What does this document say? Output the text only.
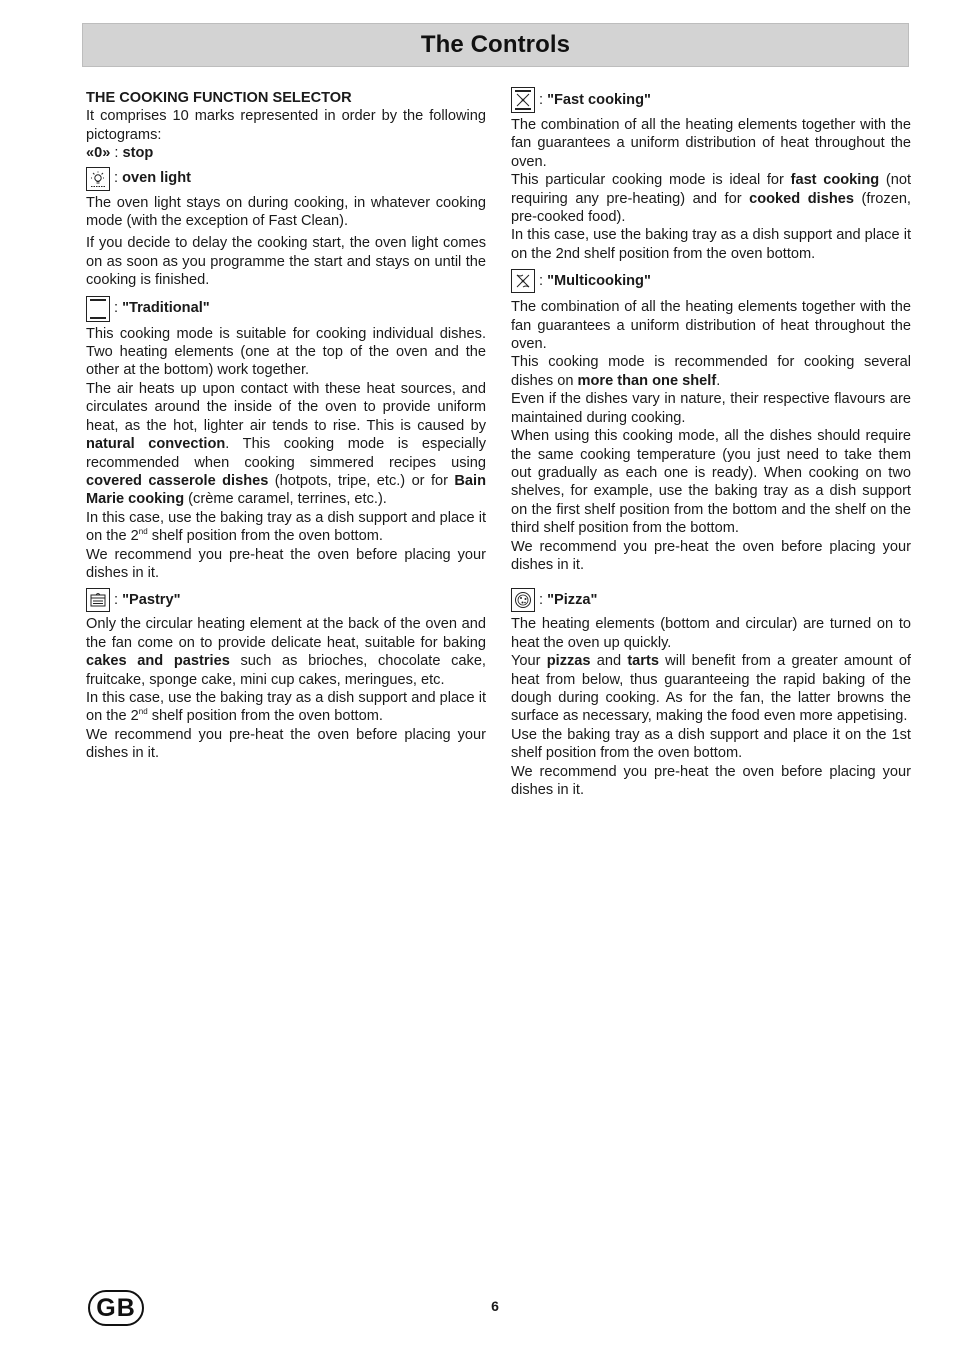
The Controls

THE COOKING FUNCTION SELECTOR

It comprises 10 marks represented in order by the following pictograms:

«0» : stop

: oven light

The oven light stays on during cooking, in whatever cooking mode (with the exception of Fast Clean).

If you decide to delay the cooking start, the oven light comes on as soon as you programme the start and stays on until the cooking is finished.

: "Traditional"

This cooking mode is suitable for cooking individual dishes. Two heating elements (one at the top of the oven and the other at the bottom) work together.

The air heats up upon contact with these heat sources, and circulates around the inside of the oven to provide uniform heat, as the hot, lighter air tends to rise. This is caused by natural convection. This cooking mode is especially recommended when cooking simmered recipes using covered casserole dishes (hotpots, tripe, etc.) or for Bain Marie cooking (crème caramel, terrines, etc.).

In this case, use the baking tray as a dish support and place it on the 2nd shelf position from the oven bottom.

We recommend you pre-heat the oven before placing your dishes in it.

: "Pastry"

Only the circular heating element at the back of the oven and the fan come on to provide delicate heat, suitable for baking cakes and pastries such as brioches, chocolate cake, fruitcake, sponge cake, mini cup cakes, meringues, etc.

In this case, use the baking tray as a dish support and place it on the 2nd shelf position from the oven bottom.

We recommend you pre-heat the oven before placing your dishes in it.

: "Fast cooking"

The combination of all the heating elements together with the fan guarantees a uniform distribution of heat throughout the oven.

This particular cooking mode is ideal for fast cooking (not requiring any pre-heating) and for cooked dishes (frozen, pre-cooked food).

In this case, use the baking tray as a dish support and place it on the 2nd shelf position from the oven bottom.

: "Multicooking"

The combination of all the heating elements together with the fan guarantees a uniform distribution of heat throughout the oven.

This cooking mode is recommended for cooking several dishes on more than one shelf.

Even if the dishes vary in nature, their respective flavours are maintained during cooking.

When using this cooking mode, all the dishes should require the same cooking temperature (you just need to take them out gradually as each one is ready). When cooking on two shelves, for example, use the baking tray as a dish support on the first shelf position from the bottom and the shelf on the third shelf position from the bottom.

We recommend you pre-heat the oven before placing your dishes in it.

: "Pizza"

The heating elements (bottom and circular) are turned on to heat the oven up quickly.

Your pizzas and tarts will benefit from a greater amount of heat from below, thus guaranteeing the rapid baking of the dough during cooking. As for the fan, the latter browns the surface as necessary, making the food even more appetising.

Use the baking tray as a dish support and place it on the 1st shelf position from the oven bottom.

We recommend you pre-heat the oven before placing your dishes in it.

GB	6
